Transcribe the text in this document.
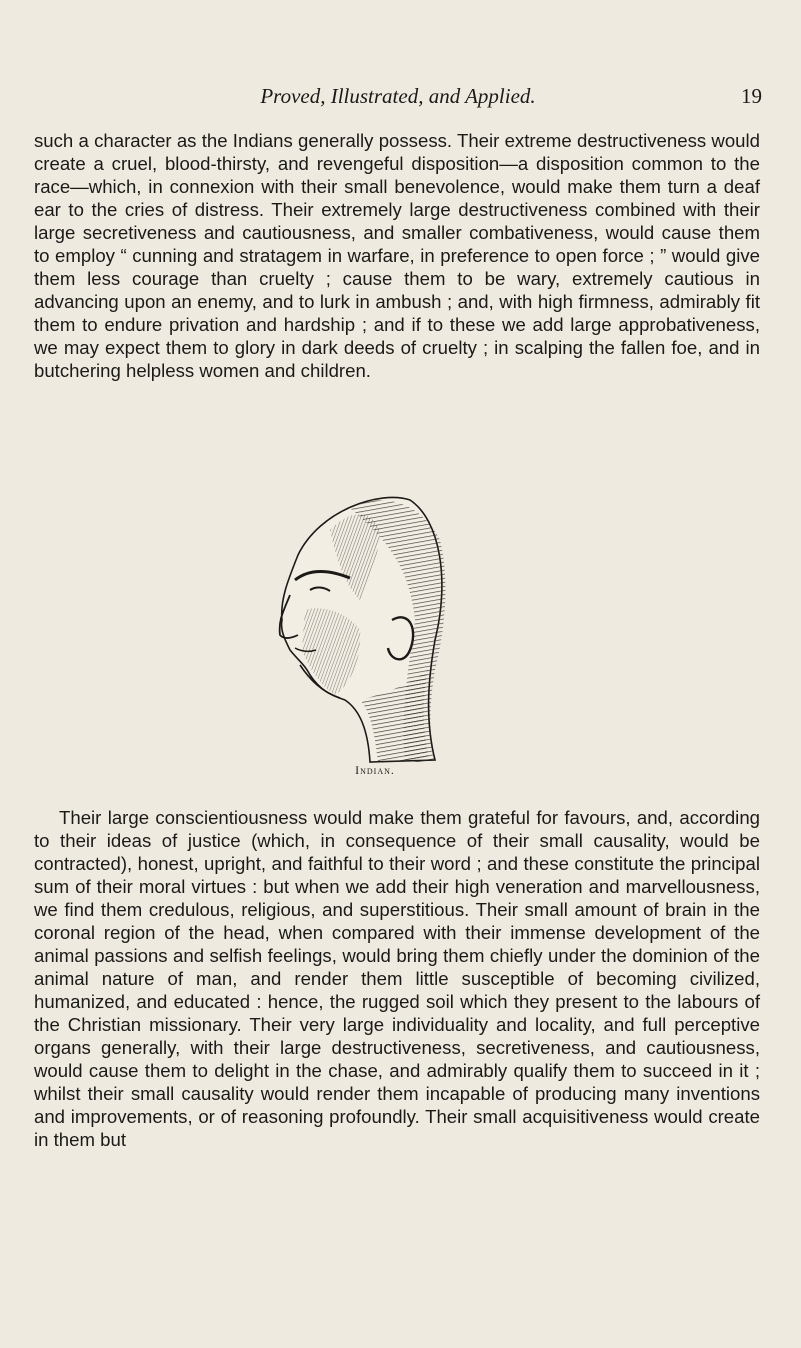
Proved, Illustrated, and Applied.	19

such a character as the Indians generally possess. Their extreme destructiveness would create a cruel, blood-thirsty, and revengeful disposition—a disposition common to the race—which, in connexion with their small benevolence, would make them turn a deaf ear to the cries of distress. Their extremely large destructiveness combined with their large secretiveness and cautiousness, and smaller combativeness, would cause them to employ “ cunning and stratagem in warfare, in preference to open force ; ” would give them less courage than cruelty ; cause them to be wary, extremely cautious in advancing upon an enemy, and to lurk in ambush ; and, with high firmness, admirably fit them to endure privation and hardship ; and if to these we add large approbativeness, we may expect them to glory in dark deeds of cruelty ; in scalping the fallen foe, and in butchering helpless women and children.

Indian.

Their large conscientiousness would make them grateful for favours, and, according to their ideas of justice (which, in consequence of their small causality, would be contracted), honest, upright, and faithful to their word ; and these constitute the principal sum of their moral virtues : but when we add their high veneration and marvellousness, we find them credulous, religious, and superstitious. Their small amount of brain in the coronal region of the head, when compared with their immense development of the animal passions and selfish feelings, would bring them chiefly under the dominion of the animal nature of man, and render them little susceptible of becoming civilized, humanized, and educated : hence, the rugged soil which they present to the labours of the Christian missionary. Their very large individuality and locality, and full perceptive organs generally, with their large destructiveness, secretiveness, and cautiousness, would cause them to delight in the chase, and admirably qualify them to succeed in it ; whilst their small causality would render them incapable of producing many inventions and improvements, or of reasoning profoundly. Their small acquisitiveness would create in them but
